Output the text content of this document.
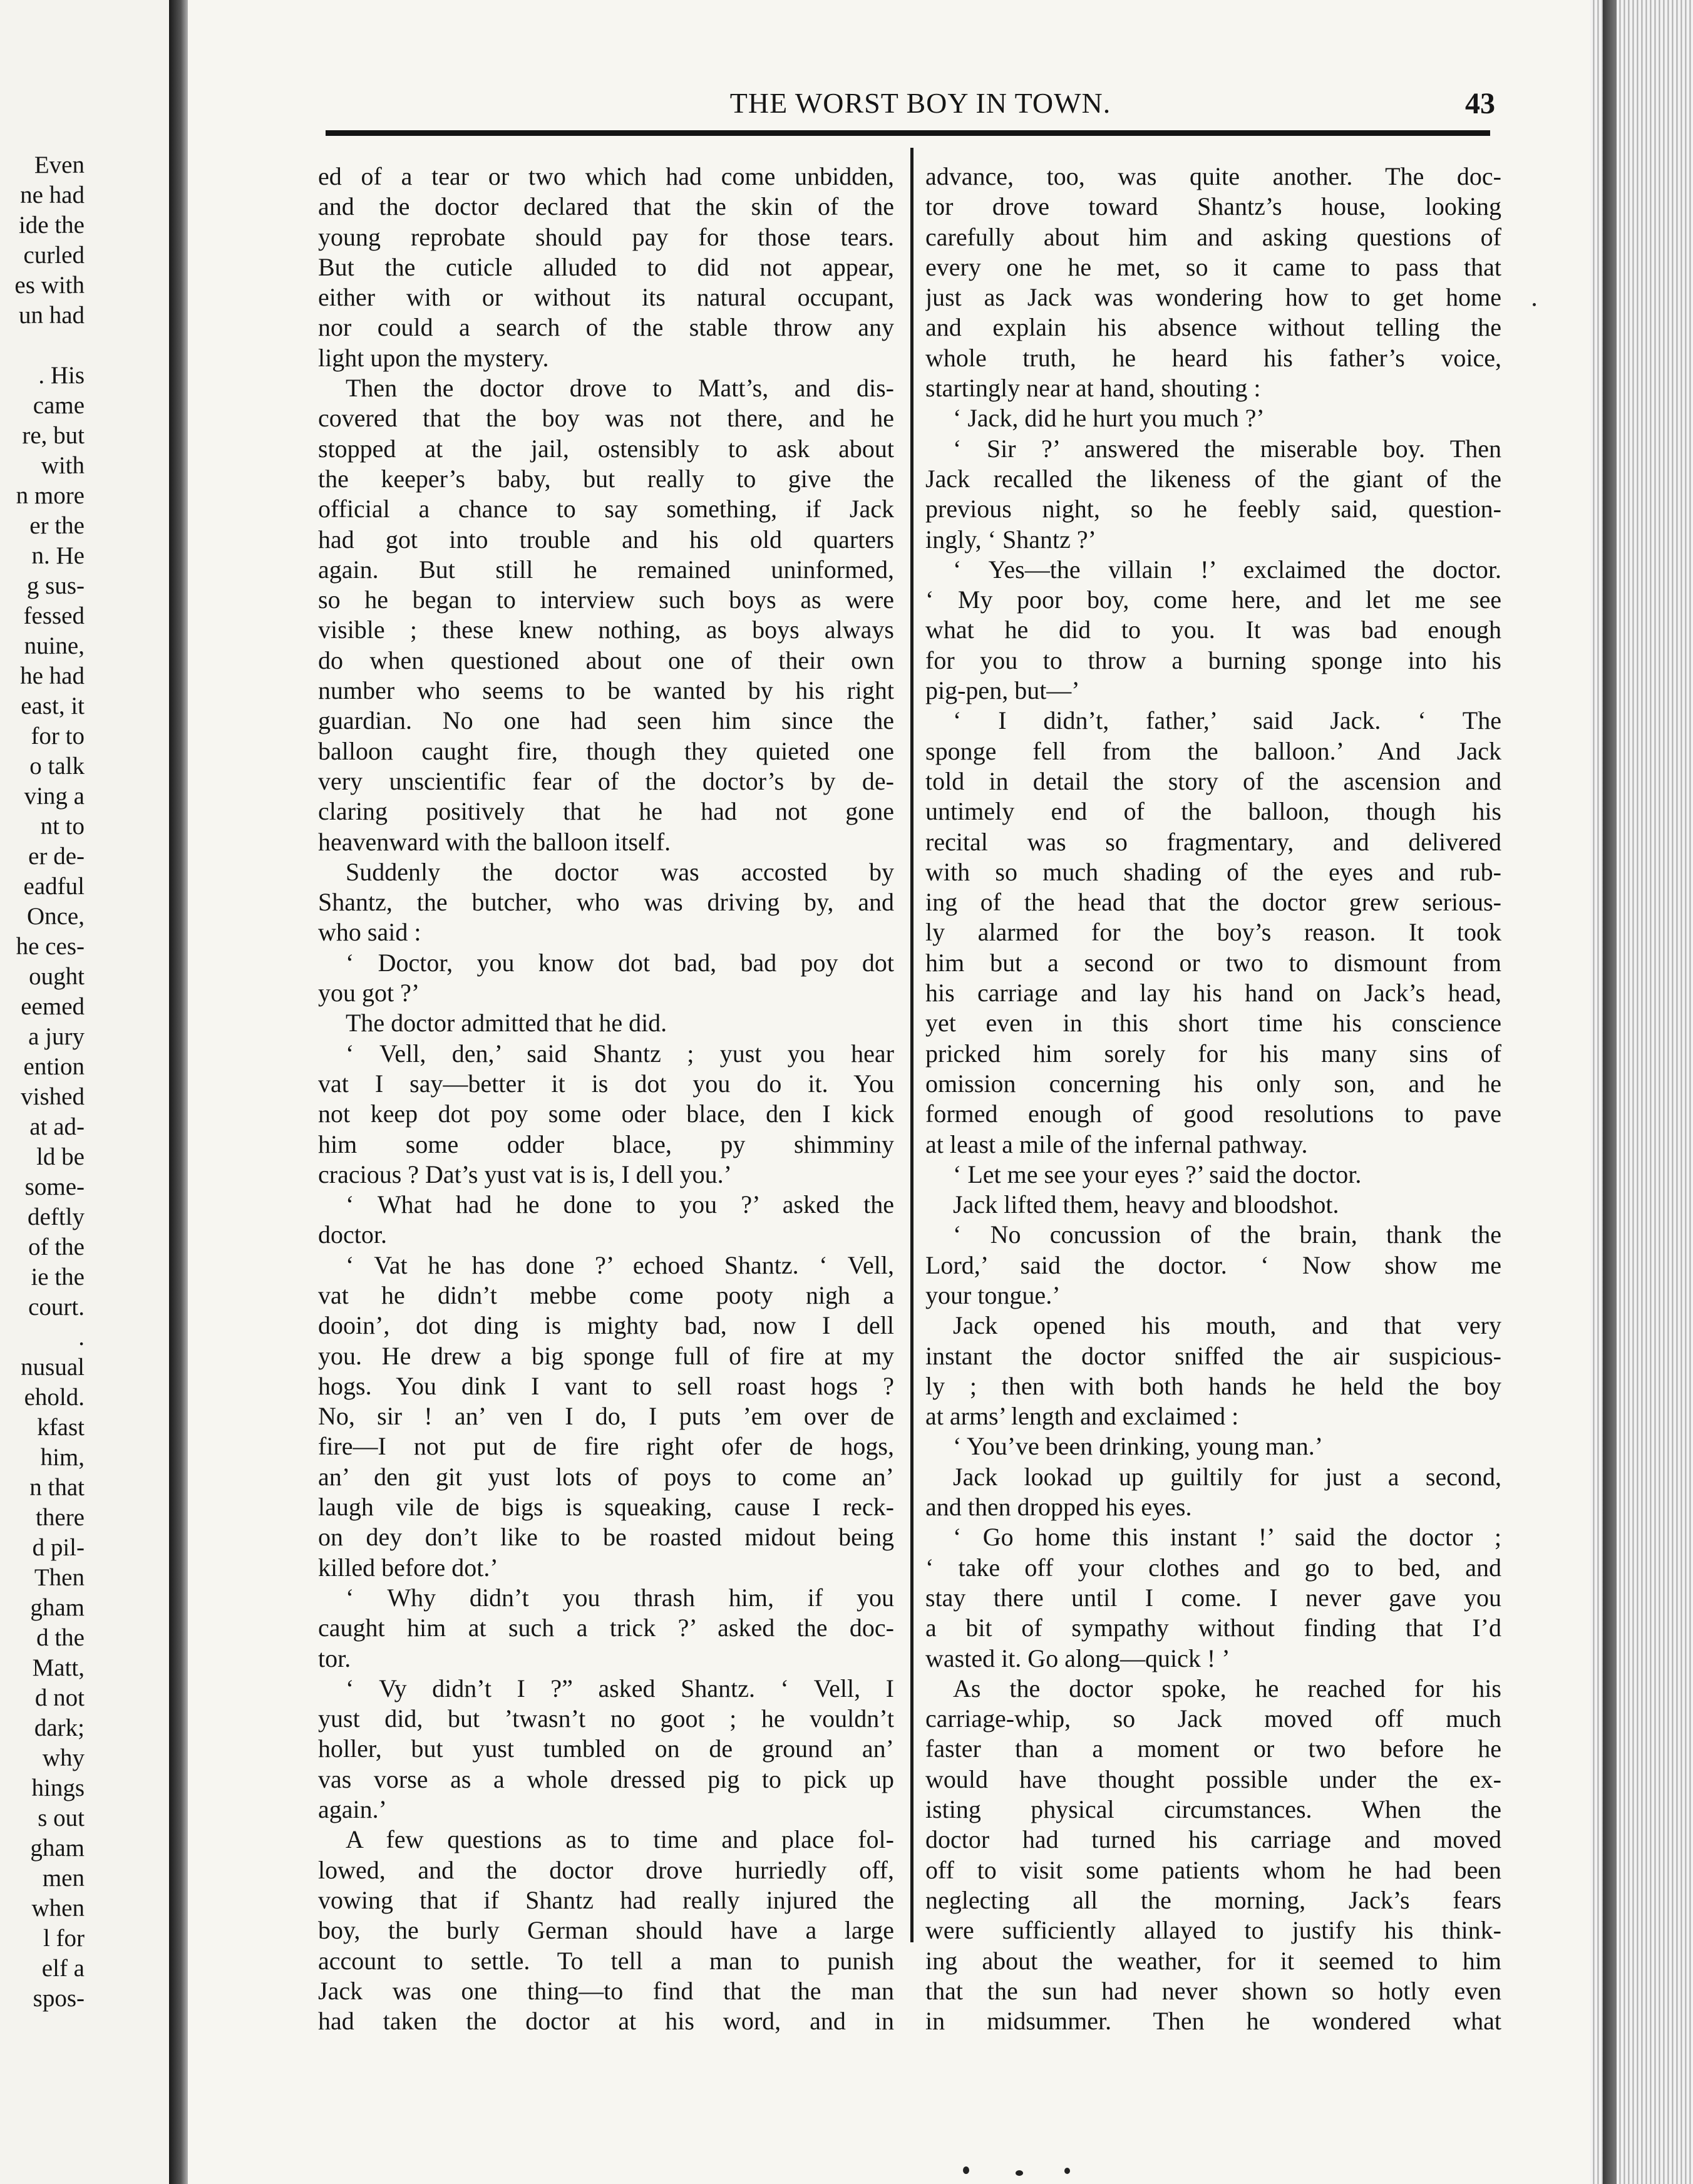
Even
ne had
ide the
curled
es with
un had
. His
came
re, but
with
n more
er the
n. He
g sus-
fessed
nuine,
he had
east, it
for to
o talk
ving a
nt to
er de-
eadful
Once,
he ces-
ought
eemed
a jury
ention
vished
at ad-
ld be
some-
deftly
of the
ie the
court.
.
nusual
ehold.
kfast
him,
n that
there
d pil-
Then
gham
d the
Matt,
d not
dark;
why
hings
s out
gham
men
when
l for
elf a
spos-
THE WORST BOY IN TOWN.	43
ed of a tear or two which had come unbidden,
and the doctor declared that the skin of the
young reprobate should pay for those tears.
But the cuticle alluded to did not appear,
either with or without its natural occupant,
nor could a search of the stable throw any
light upon the mystery.
Then the doctor drove to Matt’s, and dis-
covered that the boy was not there, and he
stopped at the jail, ostensibly to ask about
the keeper’s baby, but really to give the
official a chance to say something, if Jack
had got into trouble and his old quarters
again. But still he remained uninformed,
so he began to interview such boys as were
visible ; these knew nothing, as boys always
do when questioned about one of their own
number who seems to be wanted by his right
guardian. No one had seen him since the
balloon caught fire, though they quieted one
very unscientific fear of the doctor’s by de-
claring positively that he had not gone
heavenward with the balloon itself.
Suddenly the doctor was accosted by
Shantz, the butcher, who was driving by, and
who said :
‘ Doctor, you know dot bad, bad poy dot
you got ?’
The doctor admitted that he did.
‘ Vell, den,’ said Shantz ; yust you hear
vat I say—better it is dot you do it. You
not keep dot poy some oder blace, den I kick
him some odder blace, py shimminy
cracious ? Dat’s yust vat is is, I dell you.’
‘ What had he done to you ?’ asked the
doctor.
‘ Vat he has done ?’ echoed Shantz. ‘ Vell,
vat he didn’t mebbe come pooty nigh a
dooin’, dot ding is mighty bad, now I dell
you. He drew a big sponge full of fire at my
hogs. You dink I vant to sell roast hogs ?
No, sir ! an’ ven I do, I puts ’em over de
fire—I not put de fire right ofer de hogs,
an’ den git yust lots of poys to come an’
laugh vile de bigs is squeaking, cause I reck-
on dey don’t like to be roasted midout being
killed before dot.’
‘ Why didn’t you thrash him, if you
caught him at such a trick ?’ asked the doc-
tor.
‘ Vy didn’t I ?” asked Shantz. ‘ Vell, I
yust did, but ’twasn’t no goot ; he vouldn’t
holler, but yust tumbled on de ground an’
vas vorse as a whole dressed pig to pick up
again.’
A few questions as to time and place fol-
lowed, and the doctor drove hurriedly off,
vowing that if Shantz had really injured the
boy, the burly German should have a large
account to settle. To tell a man to punish
Jack was one thing—to find that the man
had taken the doctor at his word, and in
advance, too, was quite another. The doc-
tor drove toward Shantz’s house, looking
carefully about him and asking questions of
every one he met, so it came to pass that
just as Jack was wondering how to get home
and explain his absence without telling the
whole truth, he heard his father’s voice,
startingly near at hand, shouting :
‘ Jack, did he hurt you much ?’
‘ Sir ?’ answered the miserable boy. Then
Jack recalled the likeness of the giant of the
previous night, so he feebly said, question-
ingly, ‘ Shantz ?’
‘ Yes—the villain !’ exclaimed the doctor.
‘ My poor boy, come here, and let me see
what he did to you. It was bad enough
for you to throw a burning sponge into his
pig-pen, but—’
‘ I didn’t, father,’ said Jack. ‘ The
sponge fell from the balloon.’ And Jack
told in detail the story of the ascension and
untimely end of the balloon, though his
recital was so fragmentary, and delivered
with so much shading of the eyes and rub-
ing of the head that the doctor grew serious-
ly alarmed for the boy’s reason. It took
him but a second or two to dismount from
his carriage and lay his hand on Jack’s head,
yet even in this short time his conscience
pricked him sorely for his many sins of
omission concerning his only son, and he
formed enough of good resolutions to pave
at least a mile of the infernal pathway.
‘ Let me see your eyes ?’ said the doctor.
Jack lifted them, heavy and bloodshot.
‘ No concussion of the brain, thank the
Lord,’ said the doctor. ‘ Now show me
your tongue.’
Jack opened his mouth, and that very
instant the doctor sniffed the air suspicious-
ly ; then with both hands he held the boy
at arms’ length and exclaimed :
‘ You’ve been drinking, young man.’
Jack lookad up guiltily for just a second,
and then dropped his eyes.
‘ Go home this instant !’ said the doctor ;
‘ take off your clothes and go to bed, and
stay there until I come. I never gave you
a bit of sympathy without finding that I’d
wasted it. Go along—quick ! ’
As the doctor spoke, he reached for his
carriage-whip, so Jack moved off much
faster than a moment or two before he
would have thought possible under the ex-
isting physical circumstances. When the
doctor had turned his carriage and moved
off to visit some patients whom he had been
neglecting all the morning, Jack’s fears
were sufficiently allayed to justify his think-
ing about the weather, for it seemed to him
that the sun had never shown so hotly even
in midsummer. Then he wondered what
